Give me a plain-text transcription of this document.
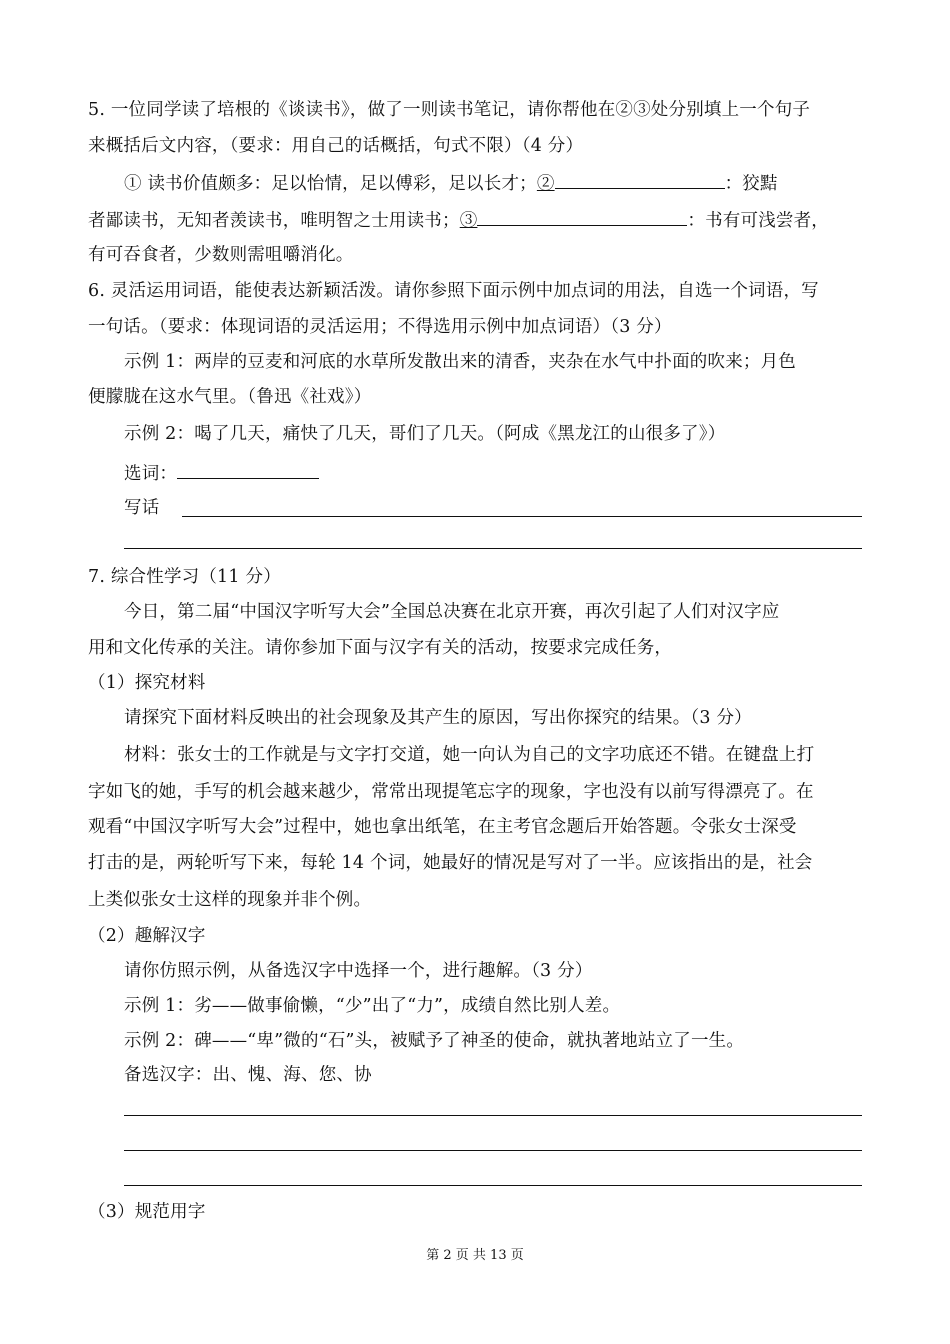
5. 一位同学读了培根的《谈读书》，做了一则读书笔记，请你帮他在②③处分别填上一个句子
来概括后文内容，（要求：用自己的话概括，句式不限）（4 分）
① 读书价值颇多：足以怡情，足以傅彩，足以长才；②	：狡黠
者鄙读书，无知者羡读书，唯明智之士用读书；③	：书有可浅尝者，
有可吞食者，少数则需咀嚼消化。
6. 灵活运用词语，能使表达新颖活泼。请你参照下面示例中加点词的用法，自选一个词语，写
一句话。（要求：体现词语的灵活运用；不得选用示例中加点词语）（3 分）
示例 1：两岸的豆麦和河底的水草所发散出来的清香，夹杂在水气中扑面的吹来；月色
便朦胧在这水气里。（鲁迅《社戏》）
示例 2：喝了几天，痛快了几天，哥们了几天。（阿成《黑龙江的山很多了》）
选词：
写话
7. 综合性学习（11 分）
今日，第二届“中国汉字听写大会”全国总决赛在北京开赛，再次引起了人们对汉字应
用和文化传承的关注。请你参加下面与汉字有关的活动，按要求完成任务，
（1）探究材料
请探究下面材料反映出的社会现象及其产生的原因，写出你探究的结果。（3 分）
材料：张女士的工作就是与文字打交道，她一向认为自己的文字功底还不错。在键盘上打
字如飞的她，手写的机会越来越少，常常出现提笔忘字的现象，字也没有以前写得漂亮了。在
观看“中国汉字听写大会”过程中，她也拿出纸笔，在主考官念题后开始答题。令张女士深受
打击的是，两轮听写下来，每轮 14 个词，她最好的情况是写对了一半。应该指出的是，社会
上类似张女士这样的现象并非个例。
（2）趣解汉字
请你仿照示例，从备选汉字中选择一个，进行趣解。（3 分）
示例 1：劣——做事偷懒，“少”出了“力”，成绩自然比别人差。
示例 2：碑——“卑”微的“石”头，被赋予了神圣的使命，就执著地站立了一生。
备选汉字：出、愧、海、您、协
（3）规范用字
第 2 页 共 13 页
